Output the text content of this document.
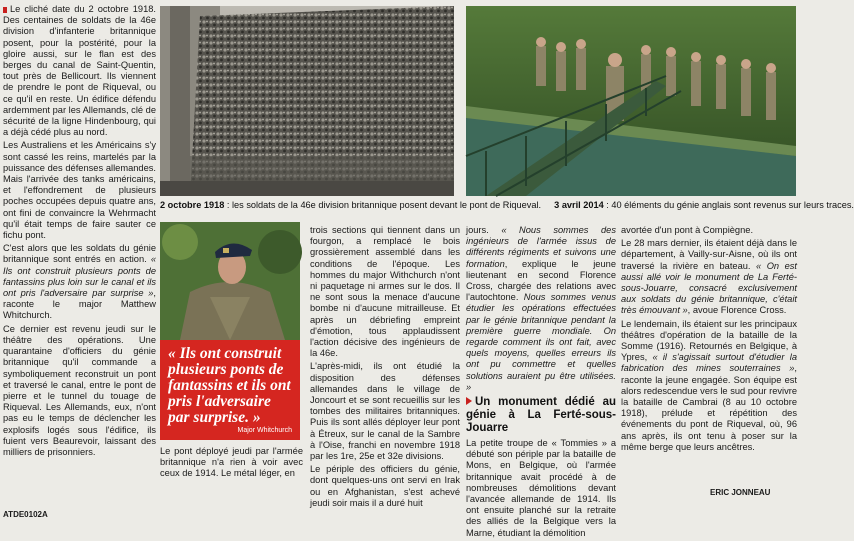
Le cliché date du 2 octobre 1918. Des centaines de soldats de la 46e division d'infanterie britannique posent, pour la postérité, pour la gloire aussi, sur le flan est des berges du canal de Saint-Quentin, tout près de Bellicourt. Ils viennent de prendre le pont de Riqueval, ou ce qu'il en reste. Un édifice défendu ardemment par les Allemands, clé de sécurité de la ligne Hindenbourg, qui a déjà cédé plus au nord.

Les Australiens et les Américains s'y sont cassé les reins, martelés par la puissance des défenses allemandes. Mais l'arrivée des tanks américains, et l'effondrement de plusieurs poches occupées depuis quatre ans, ont fini de convaincre la Wehrmacht qu'il était temps de faire sauter ce fichu pont.

C'est alors que les soldats du génie britannique sont entrés en action. « Ils ont construit plusieurs ponts de fantassins plus loin sur le canal et ils ont pris l'adversaire par surprise », raconte le major Matthew Whitchurch.

Ce dernier est revenu jeudi sur le théâtre des opérations. Une quarantaine d'officiers du génie britannique qu'il commande a symboliquement reconstruit un pont et traversé le canal, entre le pont de pierre et le tunnel du touage de Riqueval. Les Allemands, eux, n'ont pas eu le temps de déclencher les explosifs logés sous l'édifice, ils fuient vers Beaurevoir, laissant des milliers de prisonniers.

2 octobre 1918 : les soldats de la 46e division britannique posent devant le pont de Riqueval. 3 avril 2014 : 40 éléments du génie anglais sont revenus sur leurs traces.
« Ils ont construit plusieurs ponts de fantassins et ils ont pris l'adversaire par surprise. »
Major Whitchurch

Le pont déployé jeudi par l'armée britannique n'a rien à voir avec ceux de 1914. Le métal léger, en

trois sections qui tiennent dans un fourgon, a remplacé le bois grossièrement assemblé dans les conditions de l'époque. Les hommes du major Withchurch n'ont ni paquetage ni armes sur le dos. Il ne sont sous la menace d'aucune bombe ni d'aucune mitrailleuse. Et après un débriefing empreint d'émotion, tous applaudissent l'action décisive des ingénieurs de la 46e.

L'après-midi, ils ont étudié la disposition des défenses allemandes dans le village de Joncourt et se sont recueillis sur les tombes des militaires britanniques. Puis ils sont allés déployer leur pont à Étreux, sur le canal de la Sambre à l'Oise, franchi en novembre 1918 par les 1re, 25e et 32e divisions.

Le périple des officiers du génie, dont quelques-uns ont servi en Irak ou en Afghanistan, s'est achevé jeudi soir mais il a duré huit

jours. « Nous sommes des ingénieurs de l'armée issus de différents régiments et suivons une formation, explique le jeune lieutenant en second Florence Cross, chargée des relations avec l'autochtone. Nous sommes venus étudier les opérations effectuées par le génie britannique pendant la première guerre mondiale. On regarde comment ils ont fait, avec quels moyens, quelles erreurs ils ont pu commettre et quelles solutions auraient pu être utilisées. »

Un monument dédié au génie à La Ferté-sous-Jouarre

La petite troupe de « Tommies » a débuté son périple par la bataille de Mons, en Belgique, où l'armée britannique avait procédé à de nombreuses démolitions devant l'avancée allemande de 1914. Ils ont ensuite planché sur la retraite des alliés de la Belgique vers la Marne, étudiant la démolition

avortée d'un pont à Compiègne.

Le 28 mars dernier, ils étaient déjà dans le département, à Vailly-sur-Aisne, où ils ont traversé la rivière en bateau. « On est aussi allé voir le monument de La Ferté-sous-Jouarre, consacré exclusivement aux soldats du génie britannique, c'était très émouvant », avoue Florence Cross.

Le lendemain, ils étaient sur les principaux théâtres d'opération de la bataille de la Somme (1916). Retournés en Belgique, à Ypres, « il s'agissait surtout d'étudier la fabrication des mines souterraines », raconte la jeune engagée. Son équipe est alors redescendue vers le sud pour revivre la bataille de Cambrai (8 au 10 octobre 1918), prélude et répétition des événements du pont de Riqueval, où, 96 ans après, ils ont tenu à poser sur la même berge que leurs ancêtres.

ERIC JONNEAU
ATDE0102A
